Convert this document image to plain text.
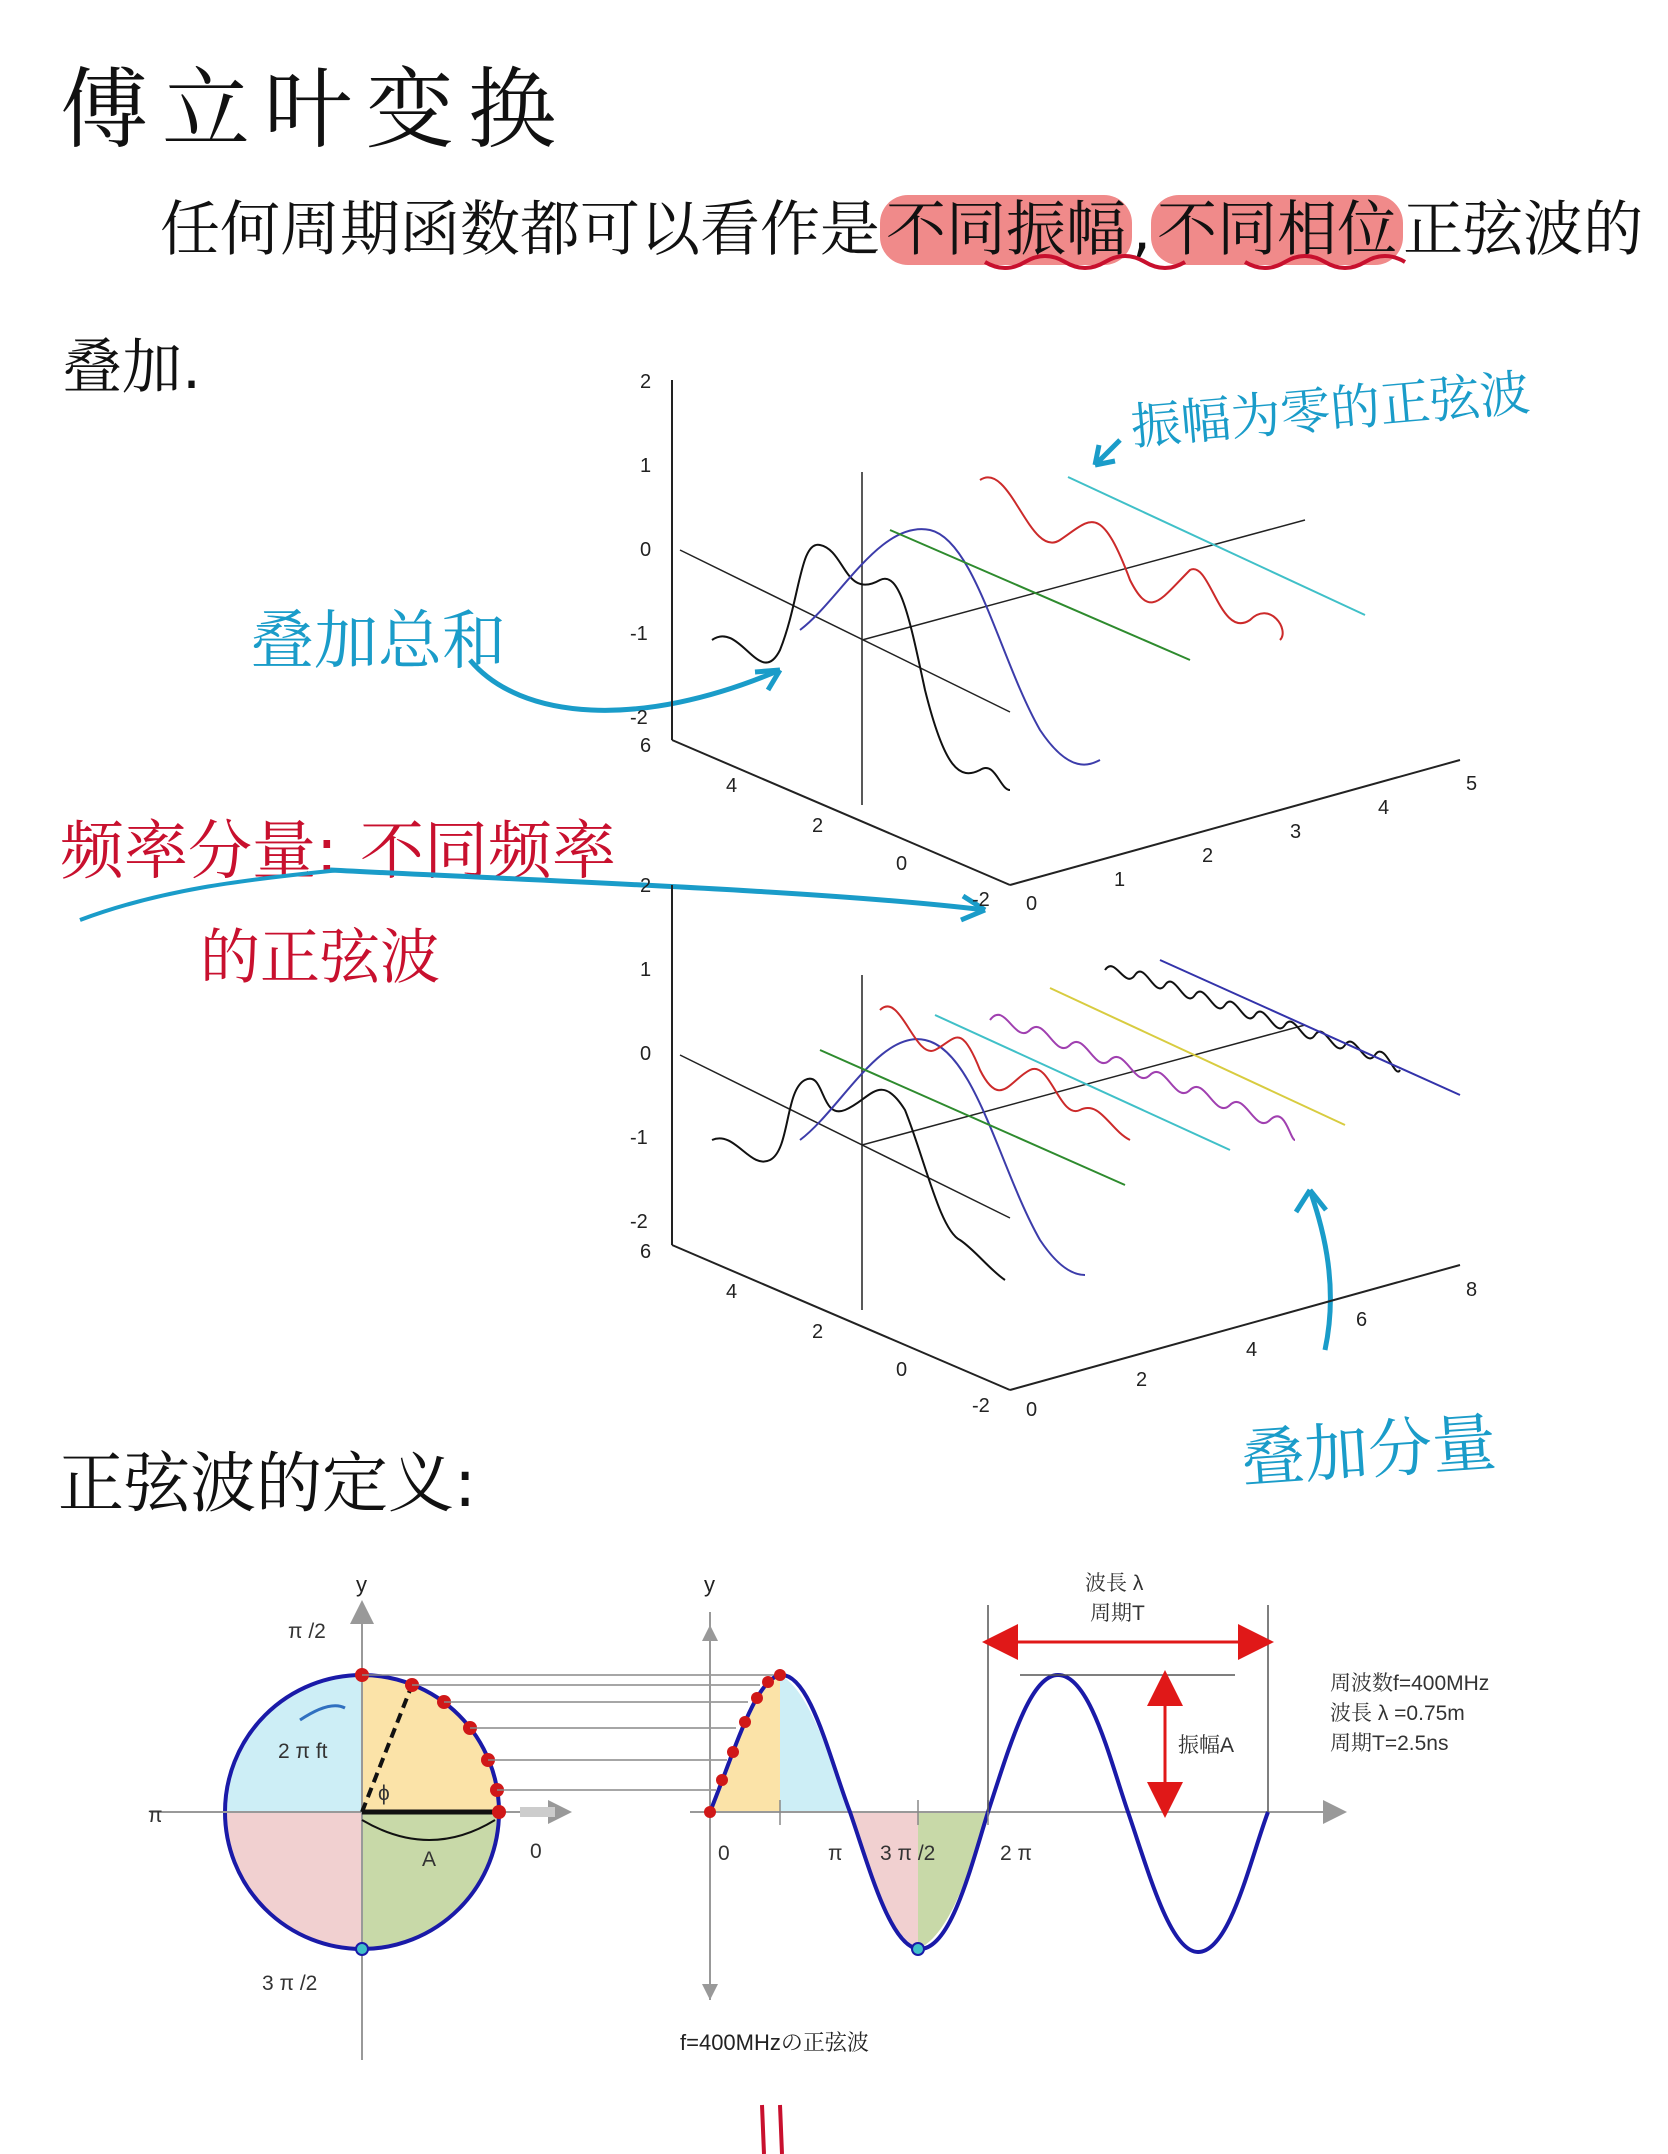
傅立叶变换
任何周期函数都可以看作是 不同振幅 , 不同相位 正弦波的
叠加.	振幅为零的正弦波
叠加总和
频率分量: 不同频率
的正弦波
叠加分量
正弦波的定义:
2
1
0
-1
-2
6
4
2
0
-2 0
1
2
3
4
5
2
1
0
-1
-2
6
4
2
0
-2 0
2
4
6
8
y
π /2
π
0
3 π /2
2 π ft
ϕ
A
y
0	π 3 π /2	2 π
波長 λ
周期T
振幅A
周波数f=400MHz
波長 λ =0.75m
周期T=2.5ns
f=400MHzの正弦波
